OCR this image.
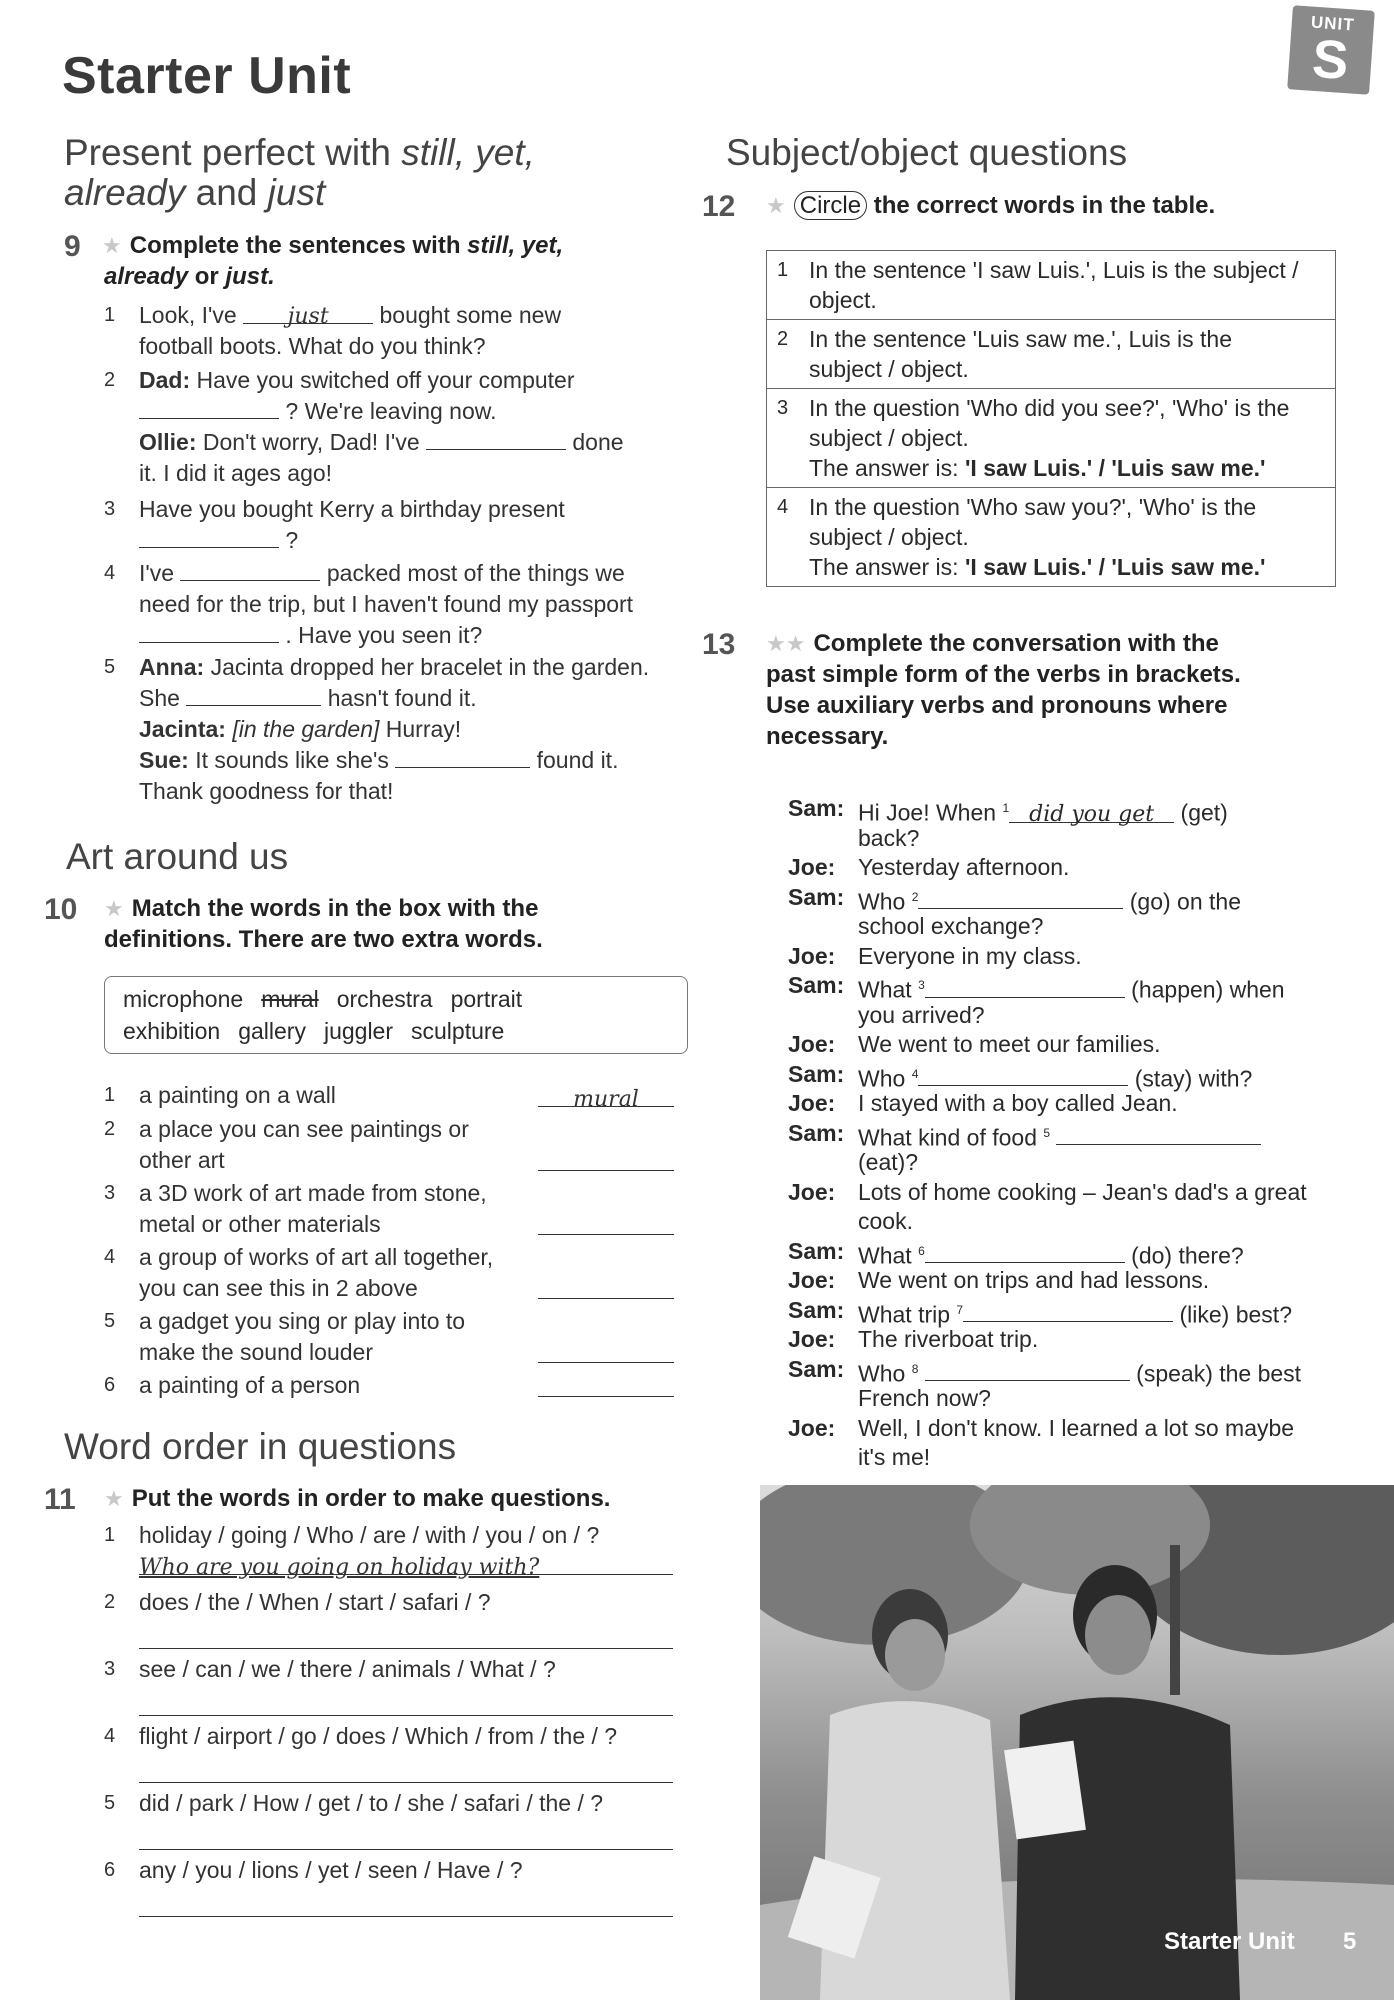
Starter Unit
UNIT
S
Present perfect with still, yet,
already and just
9 ★ Complete the sentences with still, yet,
already or just.
1 Look, I've just bought some new
football boots. What do you think?
2 Dad: Have you switched off your computer
? We're leaving now.
Ollie: Don't worry, Dad! I've	done
it. I did it ages ago!
3 Have you bought Kerry a birthday present
?
4 I've	packed most of the things we
need for the trip, but I haven't found my passport
. Have you seen it?
5 Anna: Jacinta dropped her bracelet in the garden.
She	hasn't found it.
Jacinta: [in the garden] Hurray!
Sue: It sounds like she's	found it.
Thank goodness for that!
Art around us
10 ★ Match the words in the box with the
definitions. There are two extra words.
microphone mural orchestra portrait
exhibition gallery juggler sculpture
1 a painting on a wall	mural
2 a place you can see paintings or
other art
3 a 3D work of art made from stone,
metal or other materials
4 a group of works of art all together,
you can see this in 2 above
5 a gadget you sing or play into to
make the sound louder
6 a painting of a person
Word order in questions
11 ★ Put the words in order to make questions.
1 holiday / going / Who / are / with / you / on / ?
Who are you going on holiday with?
2 does / the / When / start / safari / ?

3 see / can / we / there / animals / What / ?

4 flight / airport / go / does / Which / from / the / ?

5 did / park / How / get / to / she / safari / the / ?

6 any / you / lions / yet / seen / Have / ?

Subject/object questions
12 ★ Circle the correct words in the table.
1	In the sentence 'I saw Luis.', Luis is the subject /
object.
2	In the sentence 'Luis saw me.', Luis is the
subject / object.
3	In the question 'Who did you see?', 'Who' is the
subject / object.
The answer is: 'I saw Luis.' / 'Luis saw me.'
4	In the question 'Who saw you?', 'Who' is the
subject / object.
The answer is: 'I saw Luis.' / 'Luis saw me.'
13 ★★ Complete the conversation with the
past simple form of the verbs in brackets.
Use auxiliary verbs and pronouns where
necessary.
Sam: Hi Joe! When $^1$ did you get (get)
back?
Joe: Yesterday afternoon.
Sam: Who $^2$	(go) on the
school exchange?
Joe: Everyone in my class.
Sam: What $^3$	(happen) when
you arrived?
Joe: We went to meet our families.
Sam: Who $^4$	(stay) with?
Joe: I stayed with a boy called Jean.
Sam: What kind of food $^5$
(eat)?
Joe: Lots of home cooking – Jean's dad's a great
cook.
Sam: What $^6$	(do) there?
Joe: We went on trips and had lessons.
Sam: What trip $^7$	(like) best?
Joe: The riverboat trip.
Sam: Who $^8$	(speak) the best
French now?
Joe: Well, I don't know. I learned a lot so maybe
it's me!
Starter Unit 5
